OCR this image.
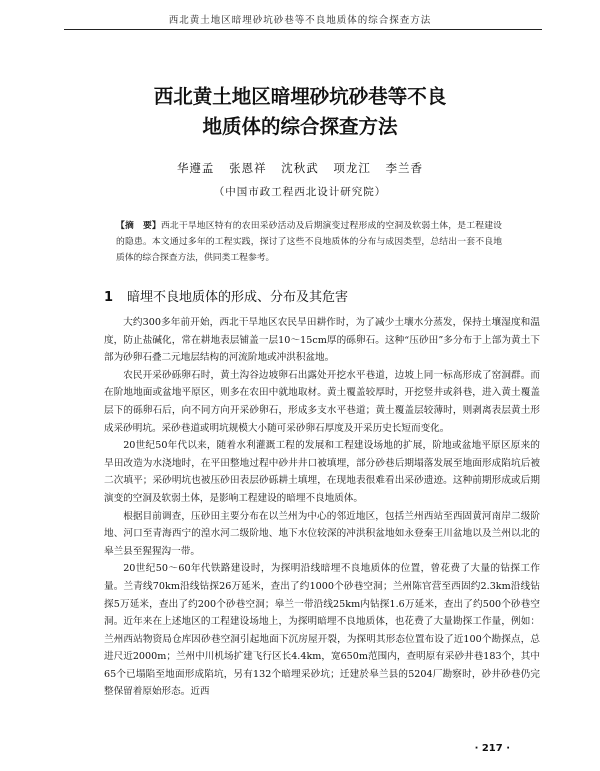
西北黄土地区暗埋砂坑砂巷等不良地质体的综合探查方法
西北黄土地区暗埋砂坑砂巷等不良
地质体的综合探查方法
华遵孟 张恩祥 沈秋武 项龙江 李兰香
（中国市政工程西北设计研究院）
【摘　要】西北干旱地区特有的农田采砂活动及后期演变过程形成的空洞及软弱土体，是工程建设的隐患。本文通过多年的工程实践，探讨了这些不良地质体的分布与成因类型，总结出一套不良地质体的综合探查方法，供同类工程参考。
1 暗埋不良地质体的形成、分布及其危害

大约300多年前开始，西北干旱地区农民旱田耕作时，为了减少土壤水分蒸发，保持土壤湿度和温度，防止盐碱化，常在耕地表层铺盖一层10～15cm厚的砾卵石。这种“压砂田”多分布于上部为黄土下部为砂卵石叠二元地层结构的河流阶地或冲洪积盆地。

农民开采砂砾卵石时，黄土沟谷边坡卵石出露处开挖水平巷道，边坡上同一标高形成了窑洞群。而在阶地地面或盆地平原区，则多在农田中就地取材。黄土覆盖较厚时，开挖竖井或斜巷，进入黄土覆盖层下的砾卵石后，向不同方向开采砂卵石，形成多支水平巷道；黄土覆盖层较薄时，则剥离表层黄土形成采砂明坑。采砂巷道或明坑规模大小随可采砂卵石厚度及开采历史长短而变化。

20世纪50年代以来，随着水利灌溉工程的发展和工程建设场地的扩展，阶地或盆地平原区原来的旱田改造为水浇地时，在平田整地过程中砂井井口被填埋，部分砂巷后期塌落发展至地面形成陷坑后被二次填平；采砂明坑也被压砂田表层砂砾耕土填埋，在现地表很难看出采砂遗迹。这种前期形成或后期演变的空洞及软弱土体，是影响工程建设的暗埋不良地质体。

根据目前调查，压砂田主要分布在以兰州为中心的邻近地区，包括兰州西站至西固黄河南岸二级阶地、河口至青海西宁的湟水河二级阶地、地下水位较深的冲洪积盆地如永登秦王川盆地以及兰州以北的皋兰县至猩猩沟一带。

20世纪50～60年代铁路建设时，为探明沿线暗埋不良地质体的位置，曾花费了大量的钻探工作量。兰青线70km沿线钻探26万延米，查出了约1000个砂巷空洞；兰州陈官营至西固约2.3km沿线钻探5万延米，查出了约200个砂巷空洞；皋兰一带沿线25km内钻探1.6万延米，查出了约500个砂巷空洞。近年来在上述地区的工程建设场地上，为探明暗埋不良地质体，也花费了大量勘探工作量，例如：兰州西站物资局仓库因砂巷空洞引起地面下沉房屋开裂，为探明其形态位置布设了近100个勘探点，总进尺近2000m；兰州中川机场扩建飞行区长4.4km，宽650m范围内，查明原有采砂井巷183个，其中65个已塌陷至地面形成陷坑，另有132个暗埋采砂坑；迁建於皋兰县的5204厂勘察时，砂井砂巷仍完整保留着原始形态。近西

· 217 ·
